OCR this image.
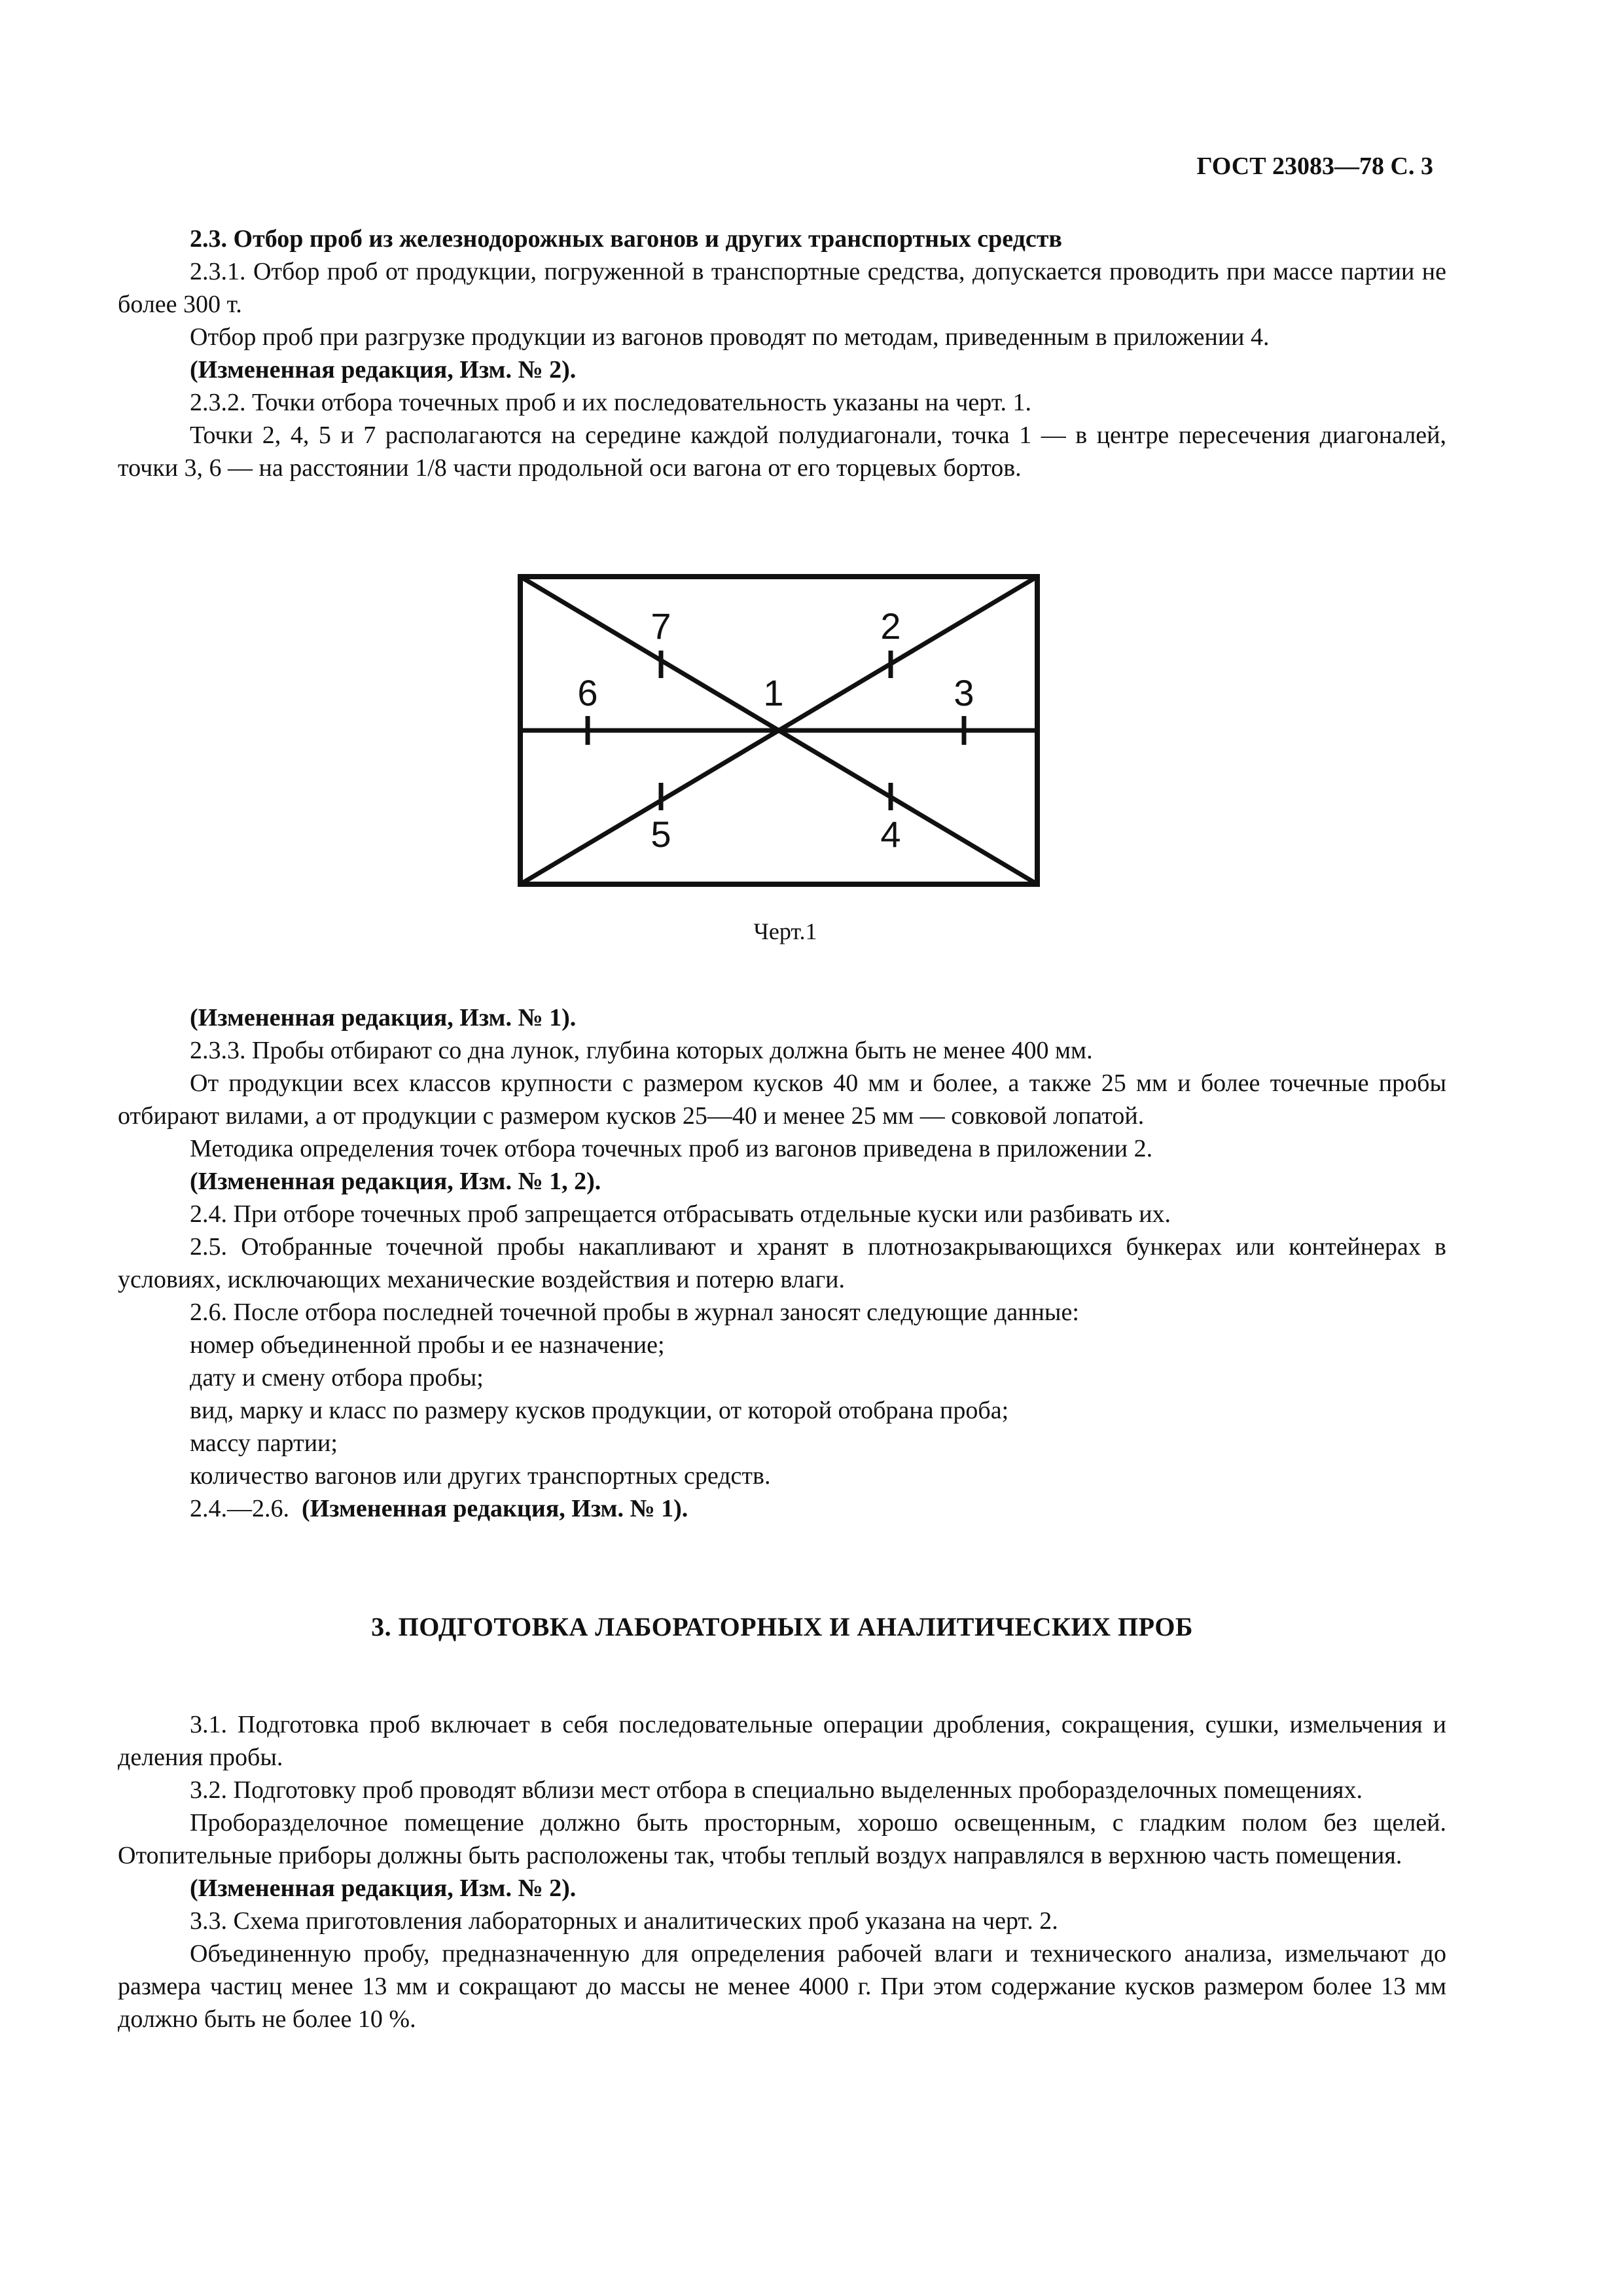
ГОСТ 23083—78 С. 3

2.3. Отбор проб из железнодорожных вагонов и других транспортных средств

2.3.1. Отбор проб от продукции, погруженной в транспортные средства, допускается проводить при массе партии не более 300 т.

Отбор проб при разгрузке продукции из вагонов проводят по методам, приведенным в приложении 4.

(Измененная редакция, Изм. № 2).

2.3.2. Точки отбора точечных проб и их последовательность указаны на черт. 1.

Точки 2, 4, 5 и 7 располагаются на середине каждой полудиагонали, точка 1 — в центре пересечения диагоналей, точки 3, 6 — на расстоянии 1/8 части продольной оси вагона от его торцевых бортов.

7	2
6	1	3
5	4
Черт.1

(Измененная редакция, Изм. № 1).

2.3.3. Пробы отбирают со дна лунок, глубина которых должна быть не менее 400 мм.

От продукции всех классов крупности с размером кусков 40 мм и более, а также 25 мм и более точечные пробы отбирают вилами, а от продукции с размером кусков 25—40 и менее 25 мм — совковой лопатой.

Методика определения точек отбора точечных проб из вагонов приведена в приложении 2.

(Измененная редакция, Изм. № 1, 2).

2.4. При отборе точечных проб запрещается отбрасывать отдельные куски или разбивать их.

2.5. Отобранные точечной пробы накапливают и хранят в плотнозакрывающихся бункерах или контейнерах в условиях, исключающих механические воздействия и потерю влаги.

2.6. После отбора последней точечной пробы в журнал заносят следующие данные:

номер объединенной пробы и ее назначение;

дату и смену отбора пробы;

вид, марку и класс по размеру кусков продукции, от которой отобрана проба;

массу партии;

количество вагонов или других транспортных средств.

2.4.—2.6. (Измененная редакция, Изм. № 1).

3. ПОДГОТОВКА ЛАБОРАТОРНЫХ И АНАЛИТИЧЕСКИХ ПРОБ

3.1. Подготовка проб включает в себя последовательные операции дробления, сокращения, сушки, измельчения и деления пробы.

3.2. Подготовку проб проводят вблизи мест отбора в специально выделенных проборазделочных помещениях.

Проборазделочное помещение должно быть просторным, хорошо освещенным, с гладким полом без щелей. Отопительные приборы должны быть расположены так, чтобы теплый воздух направлялся в верхнюю часть помещения.

(Измененная редакция, Изм. № 2).

3.3. Схема приготовления лабораторных и аналитических проб указана на черт. 2.

Объединенную пробу, предназначенную для определения рабочей влаги и технического анализа, измельчают до размера частиц менее 13 мм и сокращают до массы не менее 4000 г. При этом содержание кусков размером более 13 мм должно быть не более 10 %.
